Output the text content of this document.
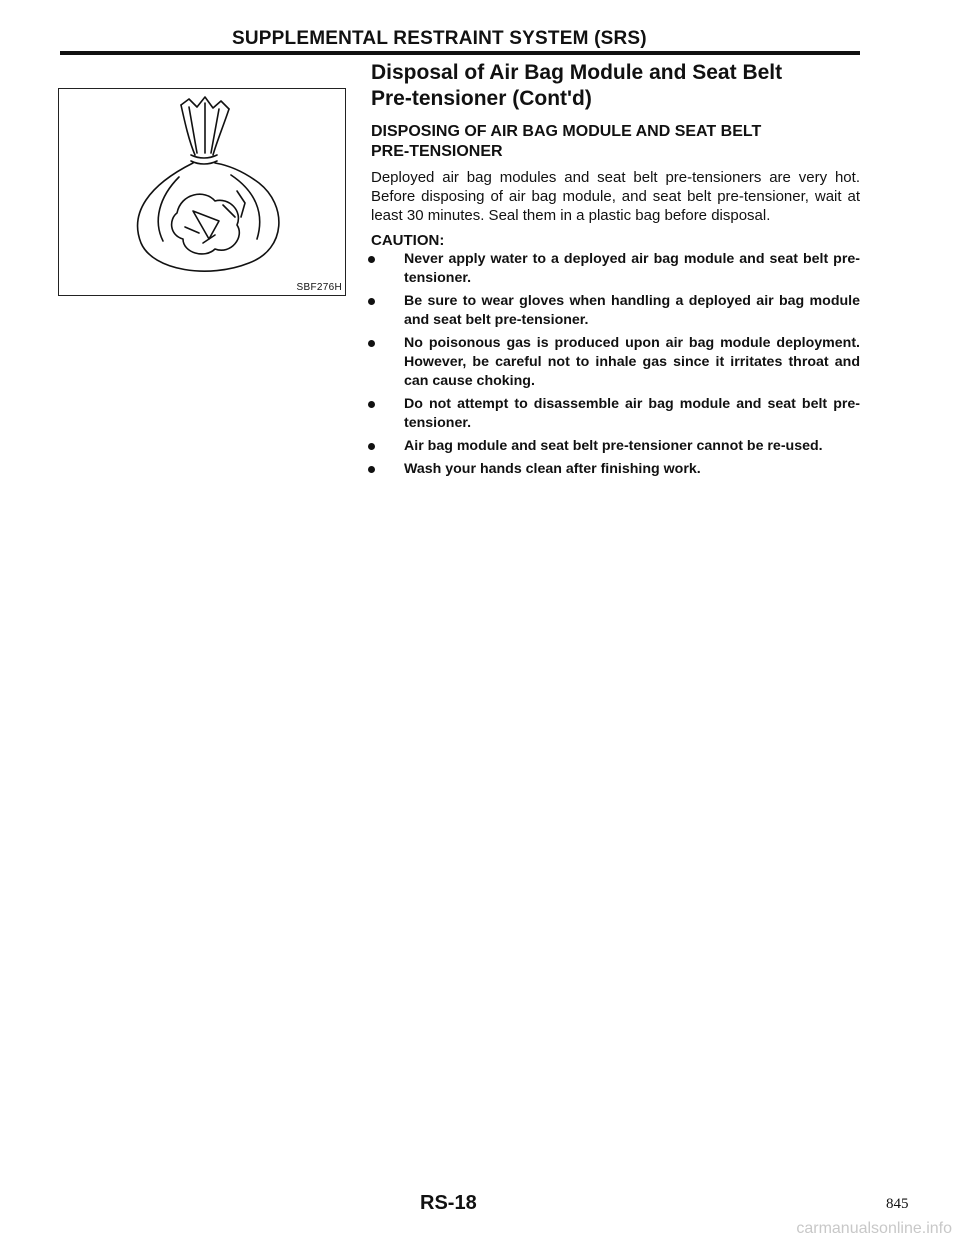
SUPPLEMENTAL RESTRAINT SYSTEM (SRS)
SBF276H
Disposal of Air Bag Module and Seat Belt
Pre-tensioner (Cont'd)
DISPOSING OF AIR BAG MODULE AND SEAT BELT
PRE-TENSIONER

Deployed air bag modules and seat belt pre-tensioners are very hot. Before disposing of air bag module, and seat belt pre-tensioner, wait at least 30 minutes. Seal them in a plastic bag before disposal.

CAUTION:

Never apply water to a deployed air bag module and seat belt pre-tensioner.
Be sure to wear gloves when handling a deployed air bag module and seat belt pre-tensioner.
No poisonous gas is produced upon air bag module deployment. However, be careful not to inhale gas since it irritates throat and can cause choking.
Do not attempt to disassemble air bag module and seat belt pre-tensioner.
Air bag module and seat belt pre-tensioner cannot be re-used.
Wash your hands clean after finishing work.
RS-18	845
carmanualsonline.info
